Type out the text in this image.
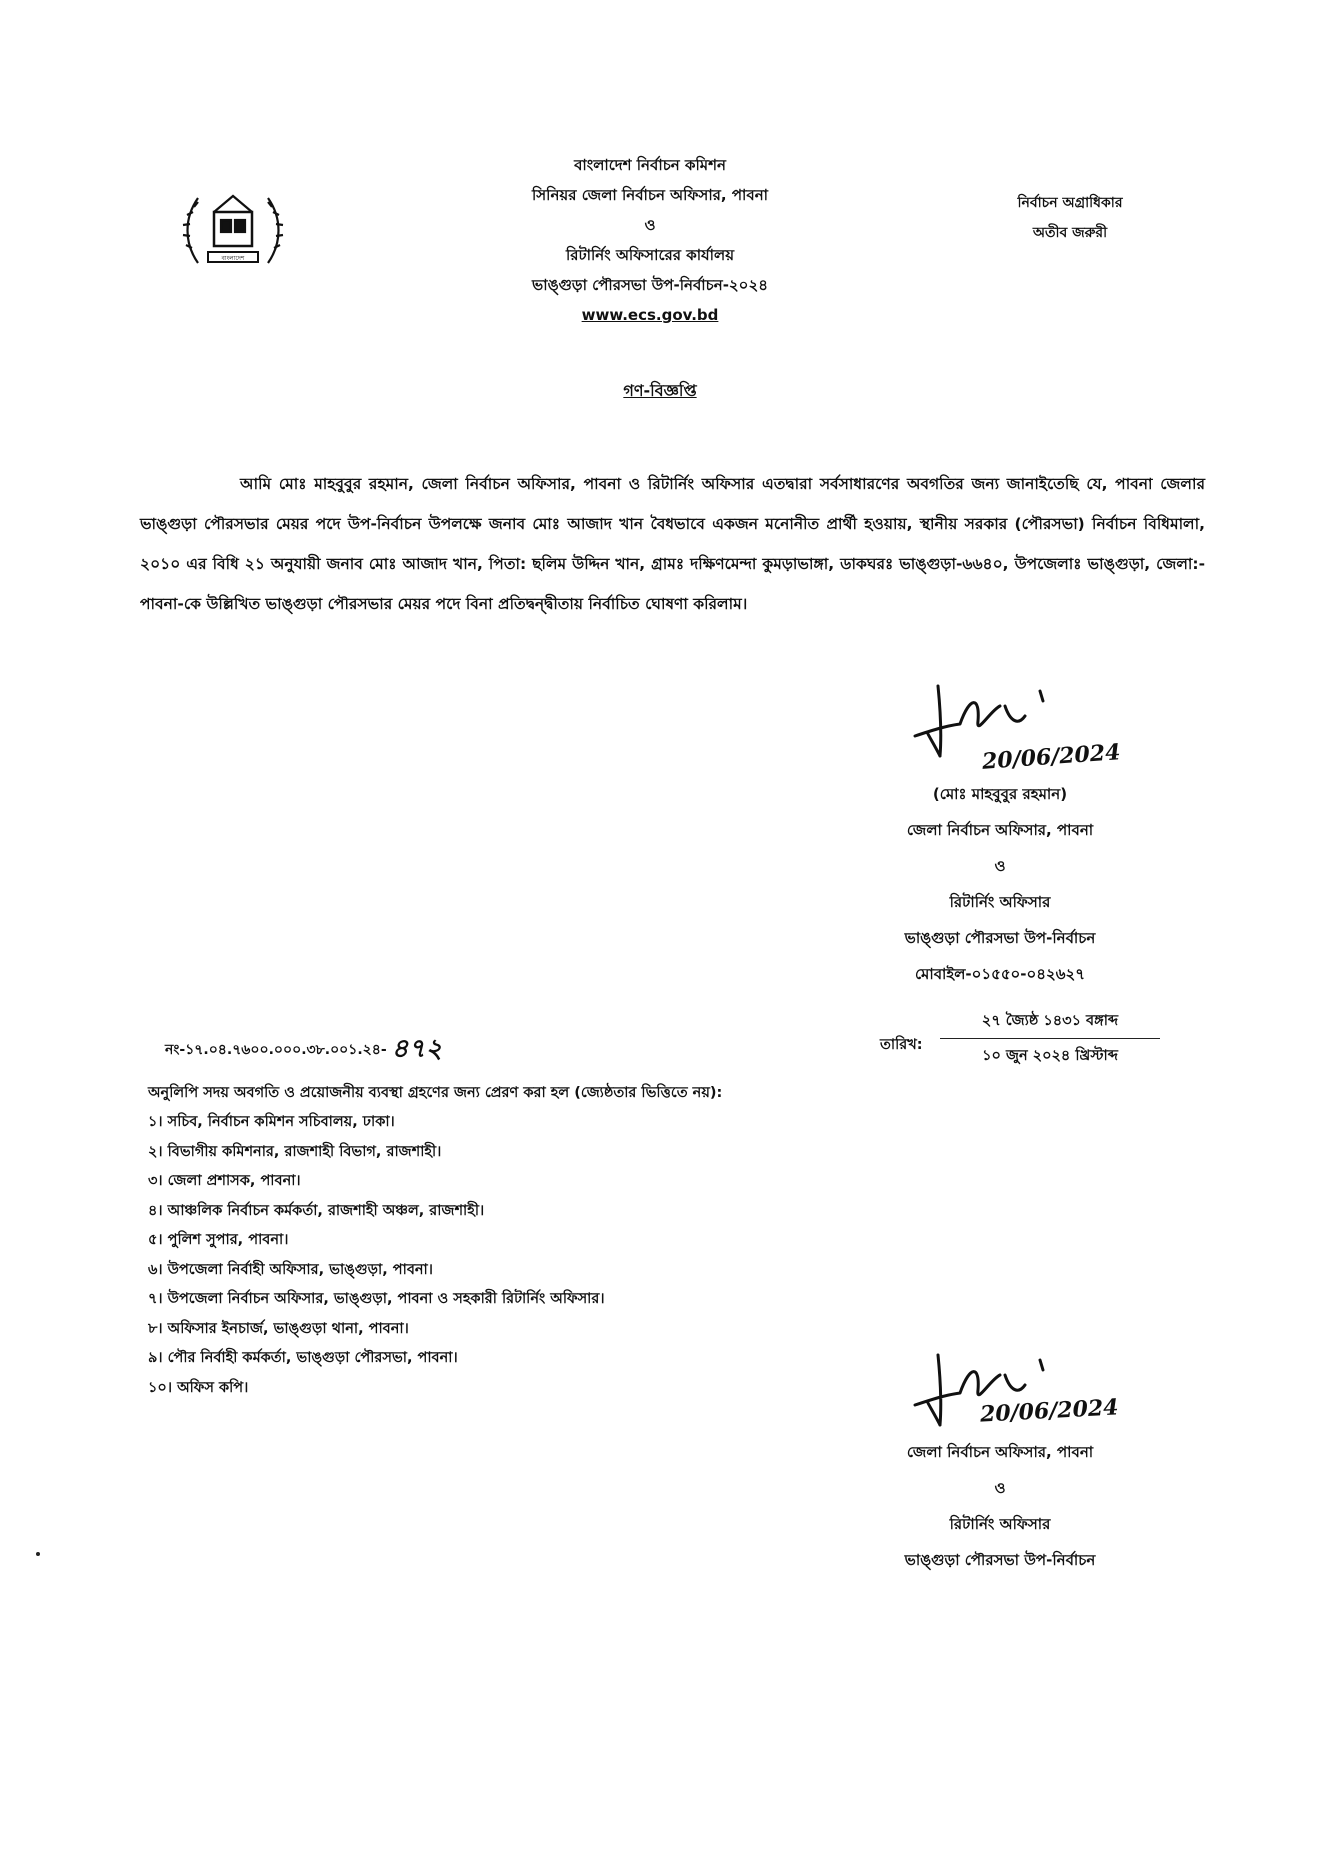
বাংলাদেশ
বাংলাদেশ নির্বাচন কমিশন
সিনিয়র জেলা নির্বাচন অফিসার, পাবনা
ও
রিটার্নিং অফিসারের কার্যালয়
ভাঙ্গুড়া পৌরসভা উপ-নির্বাচন-২০২৪
www.ecs.gov.bd
নির্বাচন অগ্রাধিকার
অতীব জরুরী
গণ-বিজ্ঞপ্তি
আমি মোঃ মাহবুবুর রহমান, জেলা নির্বাচন অফিসার, পাবনা ও রিটার্নিং অফিসার এতদ্বারা সর্বসাধারণের অবগতির জন্য জানাইতেছি যে, পাবনা জেলার ভাঙ্গুড়া পৌরসভার মেয়র পদে উপ-নির্বাচন উপলক্ষে জনাব মোঃ আজাদ খান বৈধভাবে একজন মনোনীত প্রার্থী হওয়ায়, স্থানীয় সরকার (পৌরসভা) নির্বাচন বিধিমালা, ২০১০ এর বিধি ২১ অনুযায়ী জনাব মোঃ আজাদ খান, পিতা: ছলিম উদ্দিন খান, গ্রামঃ দক্ষিণমেন্দা কুমড়াভাঙ্গা, ডাকঘরঃ ভাঙ্গুড়া-৬৬৪০, উপজেলাঃ ভাঙ্গুড়া, জেলা:- পাবনা-কে উল্লিখিত ভাঙ্গুড়া পৌরসভার মেয়র পদে বিনা প্রতিদ্বন্দ্বীতায় নির্বাচিত ঘোষণা করিলাম।
20/06/2024
(মোঃ মাহবুবুর রহমান)
জেলা নির্বাচন অফিসার, পাবনা
ও
রিটার্নিং অফিসার
ভাঙ্গুড়া পৌরসভা উপ-নির্বাচন
মোবাইল-০১৫৫০-০৪২৬২৭
নং-১৭.০৪.৭৬০০.০০০.৩৮.০০১.২৪- ৪৭২	তারিখ:
২৭ জ্যৈষ্ঠ ১৪৩১ বঙ্গাব্দ
১০ জুন ২০২৪ খ্রিস্টাব্দ
অনুলিপি সদয় অবগতি ও প্রয়োজনীয় ব্যবস্থা গ্রহণের জন্য প্রেরণ করা হল (জ্যেষ্ঠতার ভিত্তিতে নয়):
১। সচিব, নির্বাচন কমিশন সচিবালয়, ঢাকা।
২। বিভাগীয় কমিশনার, রাজশাহী বিভাগ, রাজশাহী।
৩। জেলা প্রশাসক, পাবনা।
৪। আঞ্চলিক নির্বাচন কর্মকর্তা, রাজশাহী অঞ্চল, রাজশাহী।
৫। পুলিশ সুপার, পাবনা।
৬। উপজেলা নির্বাহী অফিসার, ভাঙ্গুড়া, পাবনা।
৭। উপজেলা নির্বাচন অফিসার, ভাঙ্গুড়া, পাবনা ও সহকারী রিটার্নিং অফিসার।
৮। অফিসার ইনচার্জ, ভাঙ্গুড়া থানা, পাবনা।
৯। পৌর নির্বাহী কর্মকর্তা, ভাঙ্গুড়া পৌরসভা, পাবনা।
১০। অফিস কপি।
20/06/2024
জেলা নির্বাচন অফিসার, পাবনা
ও
রিটার্নিং অফিসার
ভাঙ্গুড়া পৌরসভা উপ-নির্বাচন
